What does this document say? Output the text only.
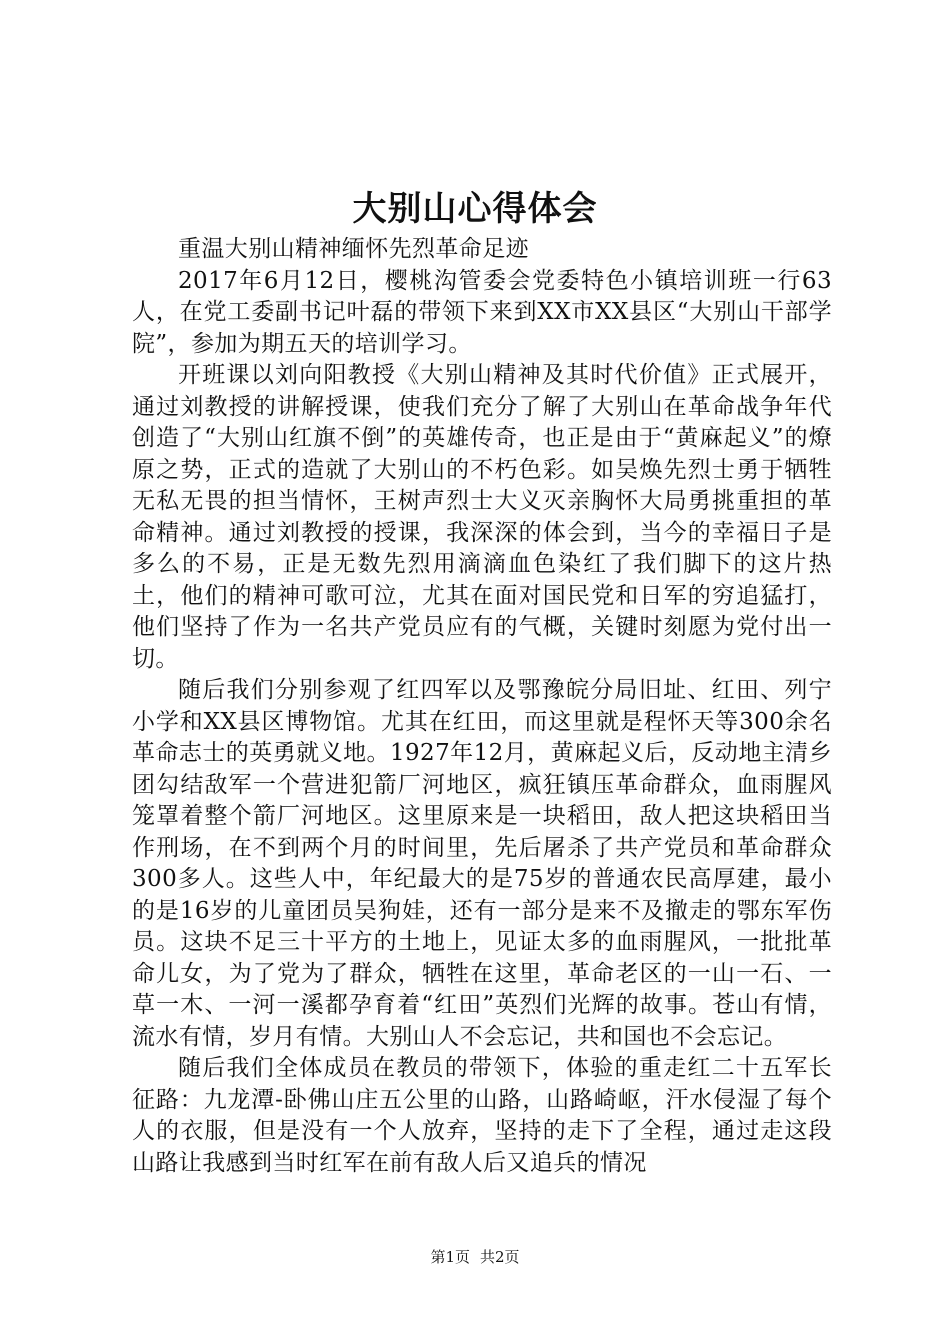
大别山心得体会

重温大别山精神缅怀先烈革命足迹

2017年6月12日，樱桃沟管委会党委特色小镇培训班一行63人，在党工委副书记叶磊的带领下来到XX市XX县区“大别山干部学院”，参加为期五天的培训学习。

开班课以刘向阳教授《大别山精神及其时代价值》正式展开，通过刘教授的讲解授课，使我们充分了解了大别山在革命战争年代创造了“大别山红旗不倒”的英雄传奇，也正是由于“黄麻起义”的燎原之势，正式的造就了大别山的不朽色彩。如吴焕先烈士勇于牺牲无私无畏的担当情怀，王树声烈士大义灭亲胸怀大局勇挑重担的革命精神。通过刘教授的授课，我深深的体会到，当今的幸福日子是多么的不易，正是无数先烈用滴滴血色染红了我们脚下的这片热土，他们的精神可歌可泣，尤其在面对国民党和日军的穷追猛打，他们坚持了作为一名共产党员应有的气概，关键时刻愿为党付出一切。

随后我们分别参观了红四军以及鄂豫皖分局旧址、红田、列宁小学和XX县区博物馆。尤其在红田，而这里就是程怀天等300余名革命志士的英勇就义地。1927年12月，黄麻起义后，反动地主清乡团勾结敌军一个营进犯箭厂河地区，疯狂镇压革命群众，血雨腥风笼罩着整个箭厂河地区。这里原来是一块稻田，敌人把这块稻田当作刑场，在不到两个月的时间里，先后屠杀了共产党员和革命群众300多人。这些人中，年纪最大的是75岁的普通农民高厚建，最小的是16岁的儿童团员吴狗娃，还有一部分是来不及撤走的鄂东军伤员。这块不足三十平方的土地上，见证太多的血雨腥风，一批批革命儿女，为了党为了群众，牺牲在这里，革命老区的一山一石、一草一木、一河一溪都孕育着“红田”英烈们光辉的故事。苍山有情，流水有情，岁月有情。大别山人不会忘记，共和国也不会忘记。

随后我们全体成员在教员的带领下，体验的重走红二十五军长征路：九龙潭-卧佛山庄五公里的山路，山路崎岖，汗水侵湿了每个人的衣服，但是没有一个人放弃，坚持的走下了全程，通过走这段山路让我感到当时红军在前有敌人后又追兵的情况

第1页 共2页
